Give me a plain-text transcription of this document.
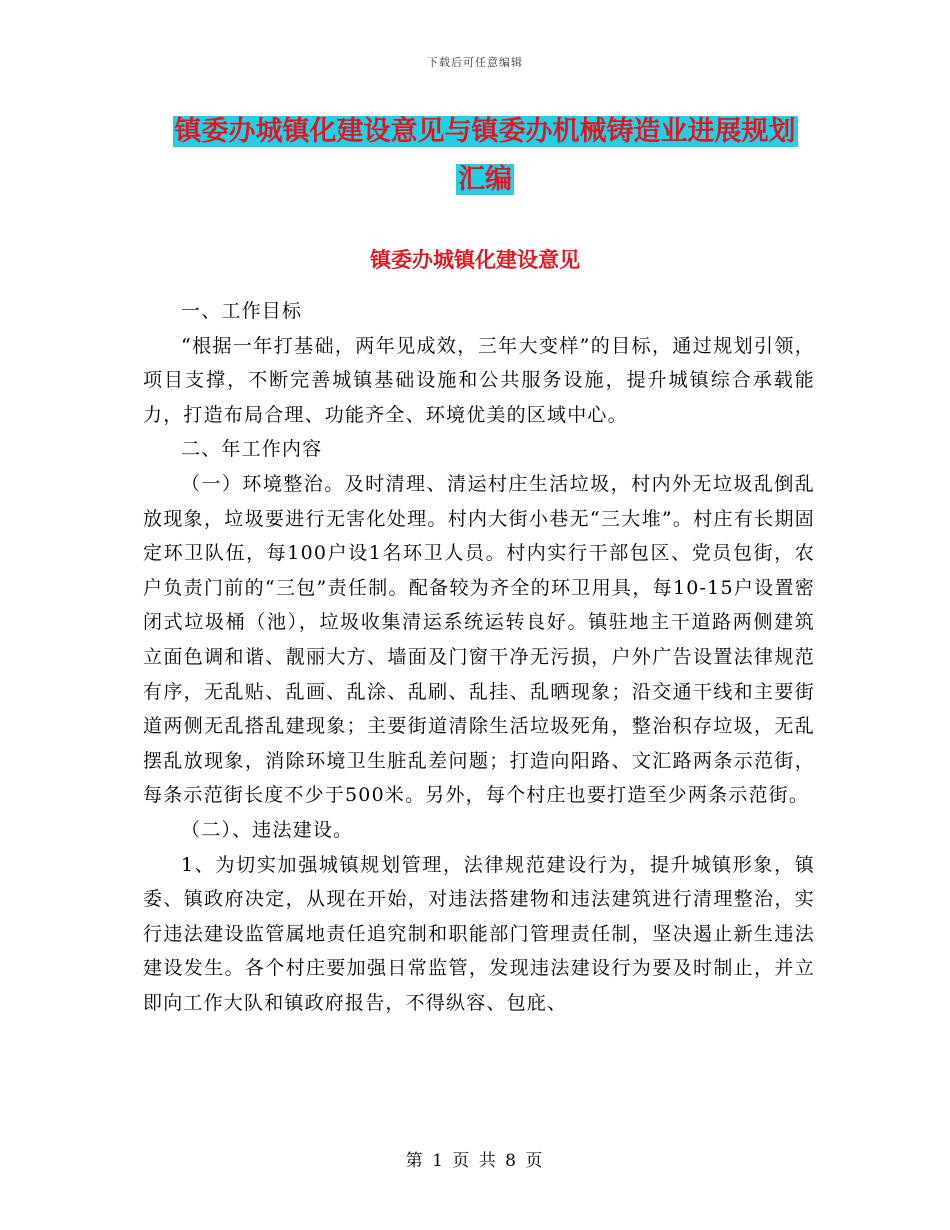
下载后可任意编辑
镇委办城镇化建设意见与镇委办机械铸造业进展规划
汇编
镇委办城镇化建设意见

一、工作目标

“根据一年打基础，两年见成效，三年大变样”的目标，通过规划引领，项目支撑，不断完善城镇基础设施和公共服务设施，提升城镇综合承载能力，打造布局合理、功能齐全、环境优美的区域中心。

二、年工作内容

（一）环境整治。及时清理、清运村庄生活垃圾，村内外无垃圾乱倒乱放现象，垃圾要进行无害化处理。村内大街小巷无“三大堆”。村庄有长期固定环卫队伍，每100户设1名环卫人员。村内实行干部包区、党员包街，农户负责门前的“三包”责任制。配备较为齐全的环卫用具，每10-15户设置密闭式垃圾桶（池），垃圾收集清运系统运转良好。镇驻地主干道路两侧建筑立面色调和谐、靓丽大方、墙面及门窗干净无污损，户外广告设置法律规范有序，无乱贴、乱画、乱涂、乱刷、乱挂、乱晒现象；沿交通干线和主要街道两侧无乱搭乱建现象；主要街道清除生活垃圾死角，整治积存垃圾，无乱摆乱放现象，消除环境卫生脏乱差问题；打造向阳路、文汇路两条示范街，每条示范街长度不少于500米。另外，每个村庄也要打造至少两条示范街。

（二）、违法建设。

1、为切实加强城镇规划管理，法律规范建设行为，提升城镇形象，镇委、镇政府决定，从现在开始，对违法搭建物和违法建筑进行清理整治，实行违法建设监管属地责任追究制和职能部门管理责任制，坚决遏止新生违法建设发生。各个村庄要加强日常监管，发现违法建设行为要及时制止，并立即向工作大队和镇政府报告，不得纵容、包庇、

第 1 页 共 8 页
